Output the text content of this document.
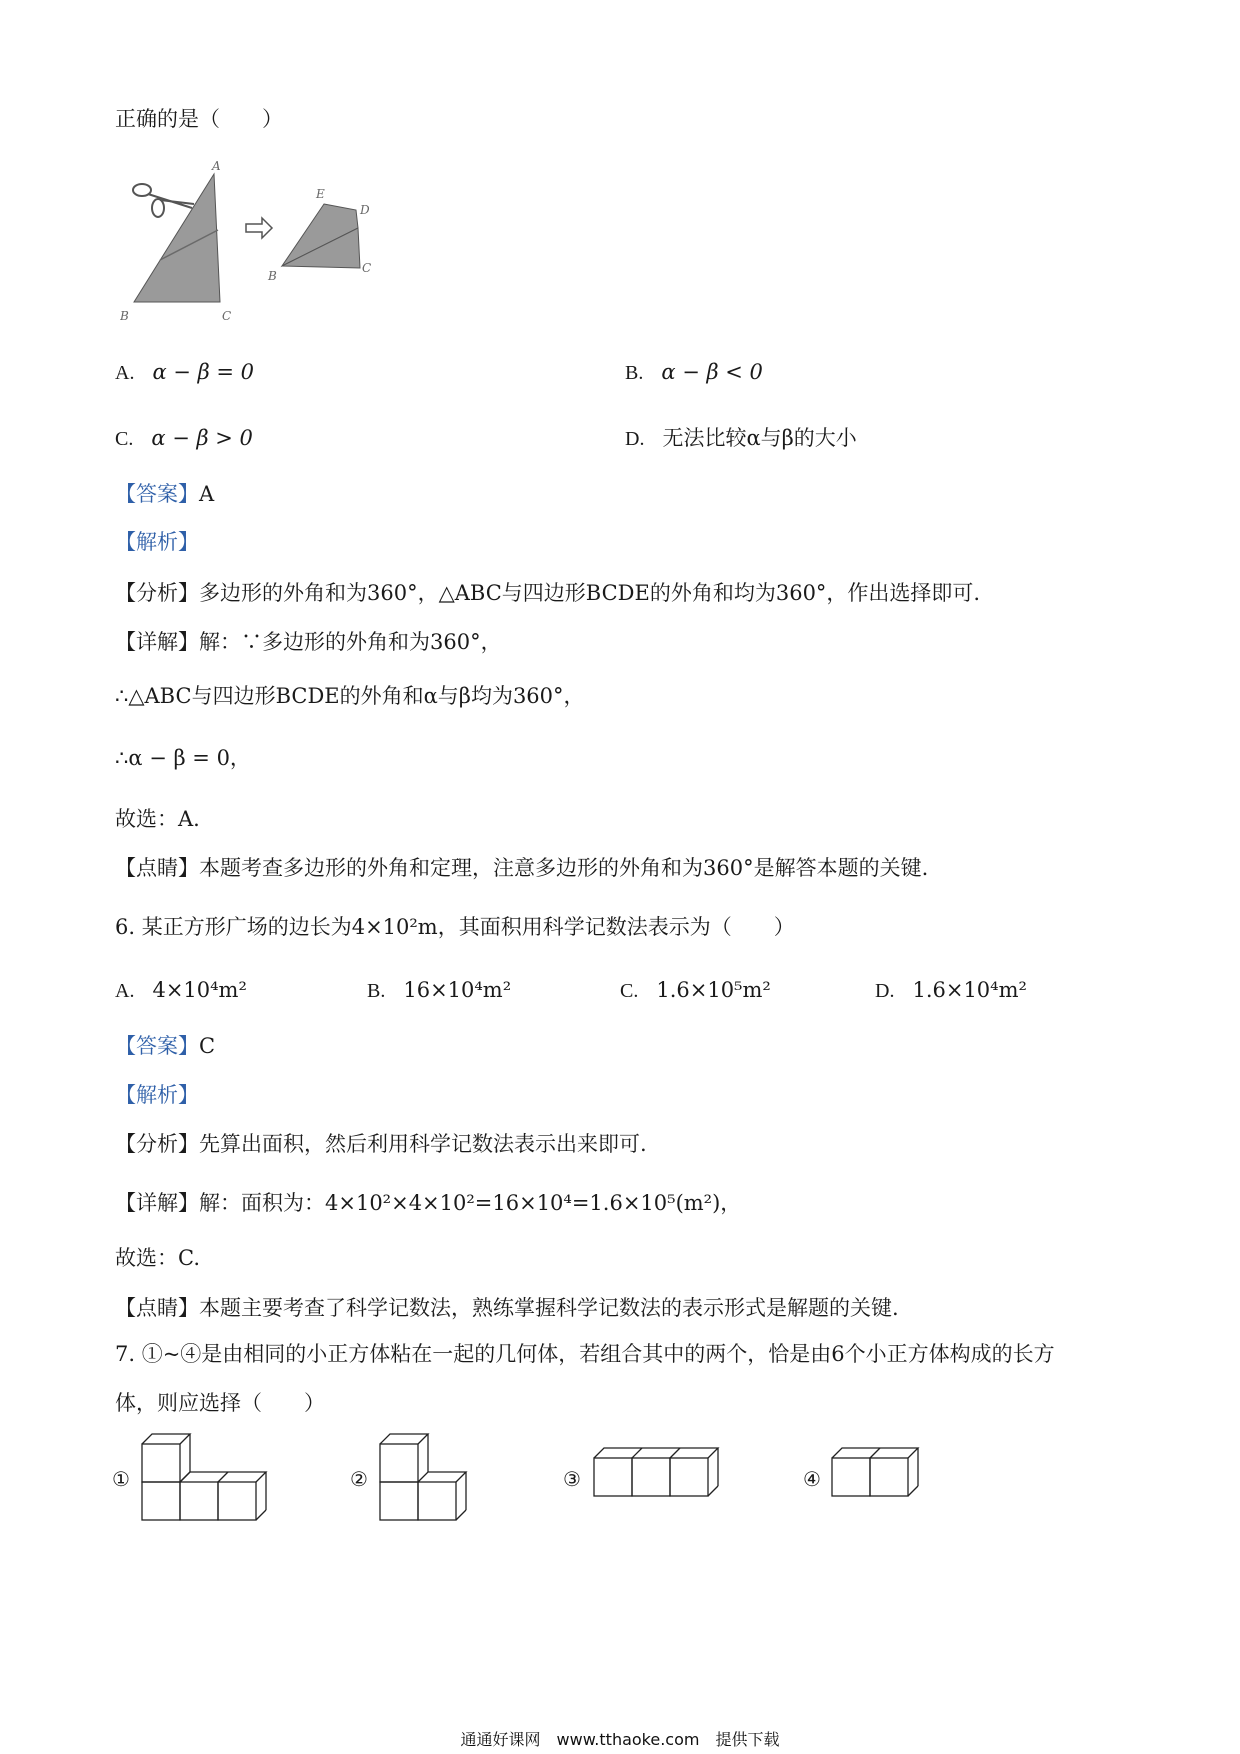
正确的是（　　）
A
B	C
E
D
B
C
A. α − β = 0	B. α − β < 0
C. α − β > 0	D. 无法比较α与β的大小
【答案】A
【解析】
【分析】多边形的外角和为360°，△ABC与四边形BCDE的外角和均为360°，作出选择即可.
【详解】解：∵多边形的外角和为360°，
∴△ABC与四边形BCDE的外角和α与β均为360°，
∴α − β = 0，
故选：A.
【点睛】本题考查多边形的外角和定理，注意多边形的外角和为360°是解答本题的关键.
6. 某正方形广场的边长为4×10²m，其面积用科学记数法表示为（　　）
A. 4×10⁴m²	B. 16×10⁴m²	C. 1.6×10⁵m²	D. 1.6×10⁴m²
【答案】C
【解析】
【分析】先算出面积，然后利用科学记数法表示出来即可.
【详解】解：面积为：4×10²×4×10²=16×10⁴=1.6×10⁵(m²)，
故选：C.
【点睛】本题主要考查了科学记数法，熟练掌握科学记数法的表示形式是解题的关键.
7. ①~④是由相同的小正方体粘在一起的几何体，若组合其中的两个，恰是由6个小正方体构成的长方
体，则应选择（　　）
①	②	③	④
通通好课网　www.tthaoke.com　提供下载
